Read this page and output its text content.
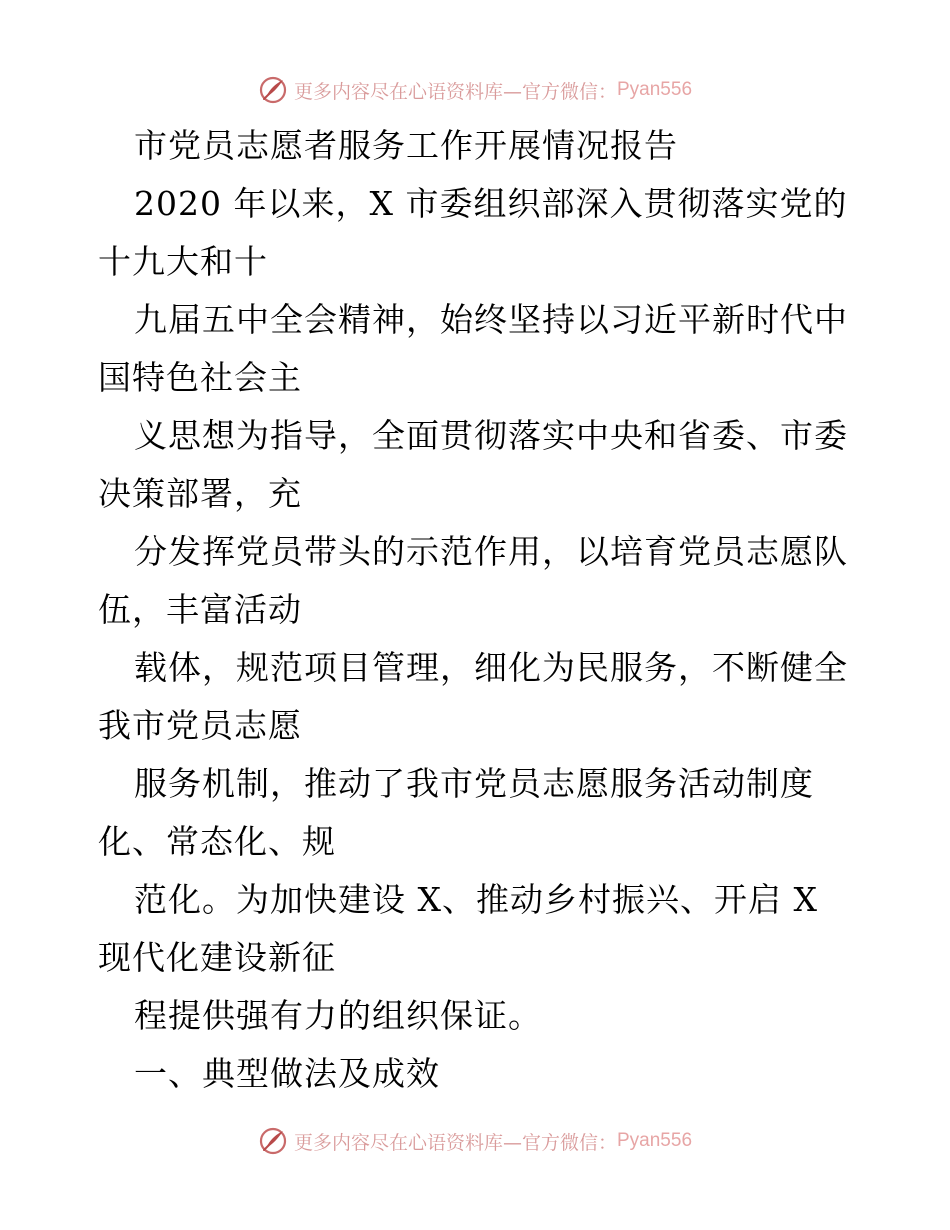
更多内容尽在心语资料库— 官方微信： Pyan556
市党员志愿者服务工作开展情况报告
2020 年以来，X 市委组织部深入贯彻落实党的
十九大和十
九届五中全会精神，始终坚持以习近平新时代中
国特色社会主
义思想为指导，全面贯彻落实中央和省委、市委
决策部署，充
分发挥党员带头的示范作用，以培育党员志愿队
伍，丰富活动
载体，规范项目管理，细化为民服务，不断健全
我市党员志愿
服务机制，推动了我市党员志愿服务活动制度
化、常态化、规
范化。为加快建设 X、推动乡村振兴、开启 X
现代化建设新征
程提供强有力的组织保证。
一、典型做法及成效
更多内容尽在心语资料库— 官方微信： Pyan556
